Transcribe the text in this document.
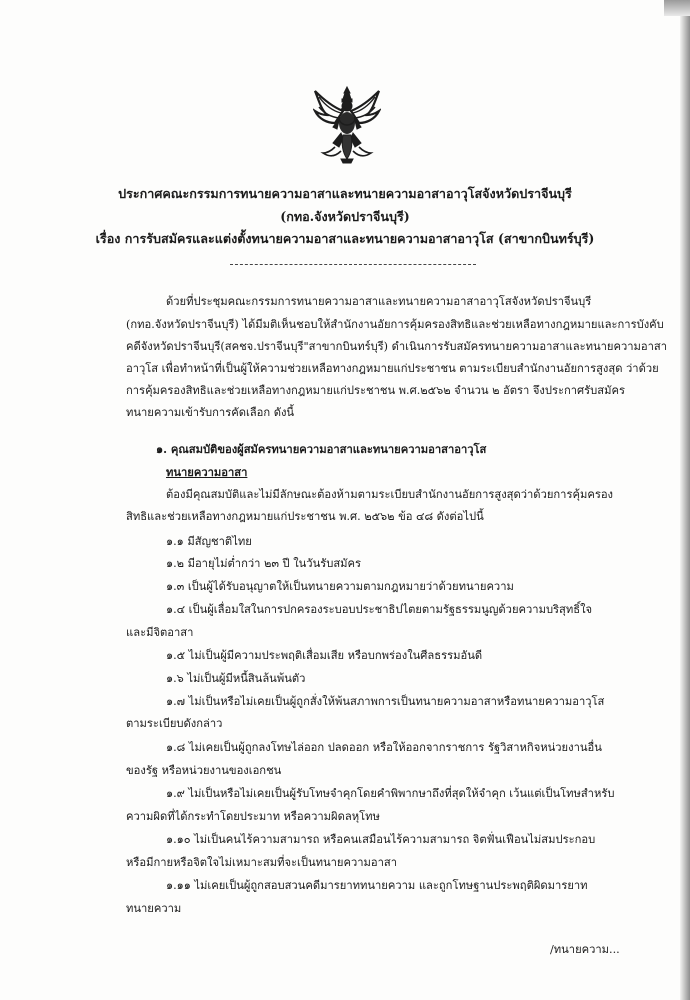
ประกาศคณะกรรมการทนายความอาสาและทนายความอาสาอาวุโสจังหวัดปราจีนบุรี
(กทอ.จังหวัดปราจีนบุรี)
เรื่อง การรับสมัครและแต่งตั้งทนายความอาสาและทนายความอาสาอาวุโส (สาขากบินทร์บุรี)
ด้วยที่ประชุมคณะกรรมการทนายความอาสาและทนายความอาสาอาวุโสจังหวัดปราจีนบุรี
(กทอ.จังหวัดปราจีนบุรี) ได้มีมติเห็นชอบให้สำนักงานอัยการคุ้มครองสิทธิและช่วยเหลือทางกฎหมายและการบังคับ
คดีจังหวัดปราจีนบุรี(สคชจ.ปราจีนบุรี"สาขากบินทร์บุรี) ดำเนินการรับสมัครทนายความอาสาและทนายความอาสา
อาวุโส เพื่อทำหน้าที่เป็นผู้ให้ความช่วยเหลือทางกฎหมายแก่ประชาชน ตามระเบียบสำนักงานอัยการสูงสุด ว่าด้วย
การคุ้มครองสิทธิและช่วยเหลือทางกฎหมายแก่ประชาชน พ.ศ.๒๕๖๒ จำนวน ๒ อัตรา จึงประกาศรับสมัคร
ทนายความเข้ารับการคัดเลือก ดังนี้
๑. คุณสมบัติของผู้สมัครทนายความอาสาและทนายความอาสาอาวุโส
ทนายความอาสา
ต้องมีคุณสมบัติและไม่มีลักษณะต้องห้ามตามระเบียบสำนักงานอัยการสูงสุดว่าด้วยการคุ้มครอง
สิทธิและช่วยเหลือทางกฎหมายแก่ประชาชน พ.ศ. ๒๕๖๒ ข้อ ๔๘ ดังต่อไปนี้
๑.๑ มีสัญชาติไทย
๑.๒ มีอายุไม่ต่ำกว่า ๒๓ ปี ในวันรับสมัคร
๑.๓ เป็นผู้ได้รับอนุญาตให้เป็นทนายความตามกฎหมายว่าด้วยทนายความ
๑.๔ เป็นผู้เลื่อมใสในการปกครองระบอบประชาธิปไตยตามรัฐธรรมนูญด้วยความบริสุทธิ์ใจ
และมีจิตอาสา
๑.๕ ไม่เป็นผู้มีความประพฤติเสื่อมเสีย หรือบกพร่องในศีลธรรมอันดี
๑.๖ ไม่เป็นผู้มีหนี้สินล้นพ้นตัว
๑.๗ ไม่เป็นหรือไม่เคยเป็นผู้ถูกสั่งให้พ้นสภาพการเป็นทนายความอาสาหรือทนายความอาวุโส
ตามระเบียบดังกล่าว
๑.๘ ไม่เคยเป็นผู้ถูกลงโทษไล่ออก ปลดออก หรือให้ออกจากราชการ รัฐวิสาหกิจหน่วยงานอื่น
ของรัฐ หรือหน่วยงานของเอกชน
๑.๙ ไม่เป็นหรือไม่เคยเป็นผู้รับโทษจำคุกโดยคำพิพากษาถึงที่สุดให้จำคุก เว้นแต่เป็นโทษสำหรับ
ความผิดที่ได้กระทำโดยประมาท หรือความผิดลหุโทษ
๑.๑๐ ไม่เป็นคนไร้ความสามารถ หรือคนเสมือนไร้ความสามารถ จิตฟั่นเฟือนไม่สมประกอบ
หรือมีกายหรือจิตใจไม่เหมาะสมที่จะเป็นทนายความอาสา
๑.๑๑ ไม่เคยเป็นผู้ถูกสอบสวนคดีมารยาททนายความ และถูกโทษฐานประพฤติผิดมารยาท
ทนายความ
/ทนายความ...
